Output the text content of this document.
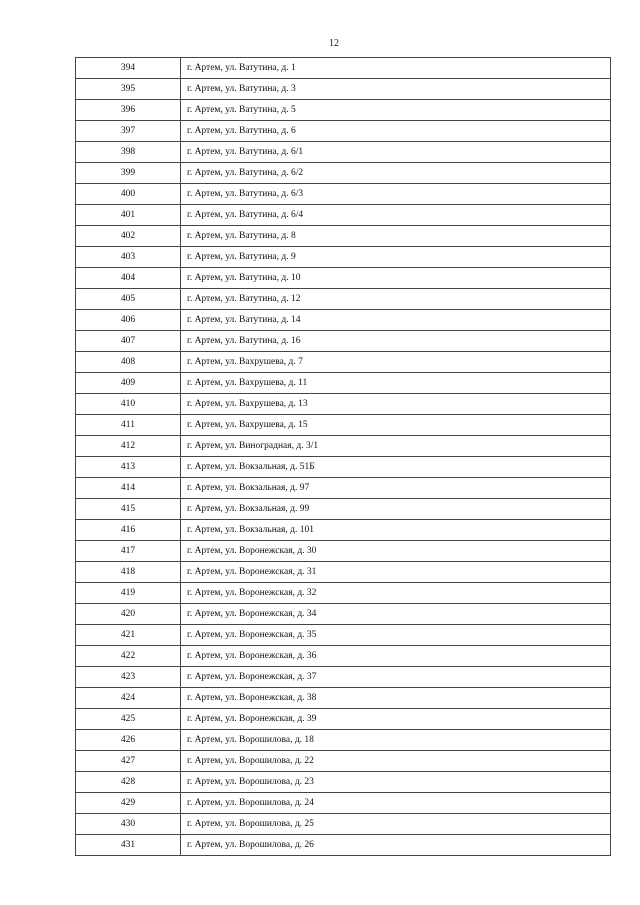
12
394	г. Артем, ул. Ватутина, д. 1
395	г. Артем, ул. Ватутина, д. 3
396	г. Артем, ул. Ватутина, д. 5
397	г. Артем, ул. Ватутина, д. 6
398	г. Артем, ул. Ватутина, д. 6/1
399	г. Артем, ул. Ватутина, д. 6/2
400	г. Артем, ул. Ватутина, д. 6/3
401	г. Артем, ул. Ватутина, д. 6/4
402	г. Артем, ул. Ватутина, д. 8
403	г. Артем, ул. Ватутина, д. 9
404	г. Артем, ул. Ватутина, д. 10
405	г. Артем, ул. Ватутина, д. 12
406	г. Артем, ул. Ватутина, д. 14
407	г. Артем, ул. Ватутина, д. 16
408	г. Артем, ул. Вахрушева, д. 7
409	г. Артем, ул. Вахрушева, д. 11
410	г. Артем, ул. Вахрушева, д. 13
411	г. Артем, ул. Вахрушева, д. 15
412	г. Артем, ул. Виноградная, д. 3/1
413	г. Артем, ул. Вокзальная, д. 51Б
414	г. Артем, ул. Вокзальная, д. 97
415	г. Артем, ул. Вокзальная, д. 99
416	г. Артем, ул. Вокзальная, д. 101
417	г. Артем, ул. Воронежская, д. 30
418	г. Артем, ул. Воронежская, д. 31
419	г. Артем, ул. Воронежская, д. 32
420	г. Артем, ул. Воронежская, д. 34
421	г. Артем, ул. Воронежская, д. 35
422	г. Артем, ул. Воронежская, д. 36
423	г. Артем, ул. Воронежская, д. 37
424	г. Артем, ул. Воронежская, д. 38
425	г. Артем, ул. Воронежская, д. 39
426	г. Артем, ул. Ворошилова, д. 18
427	г. Артем, ул. Ворошилова, д. 22
428	г. Артем, ул. Ворошилова, д. 23
429	г. Артем, ул. Ворошилова, д. 24
430	г. Артем, ул. Ворошилова, д. 25
431	г. Артем, ул. Ворошилова, д. 26
